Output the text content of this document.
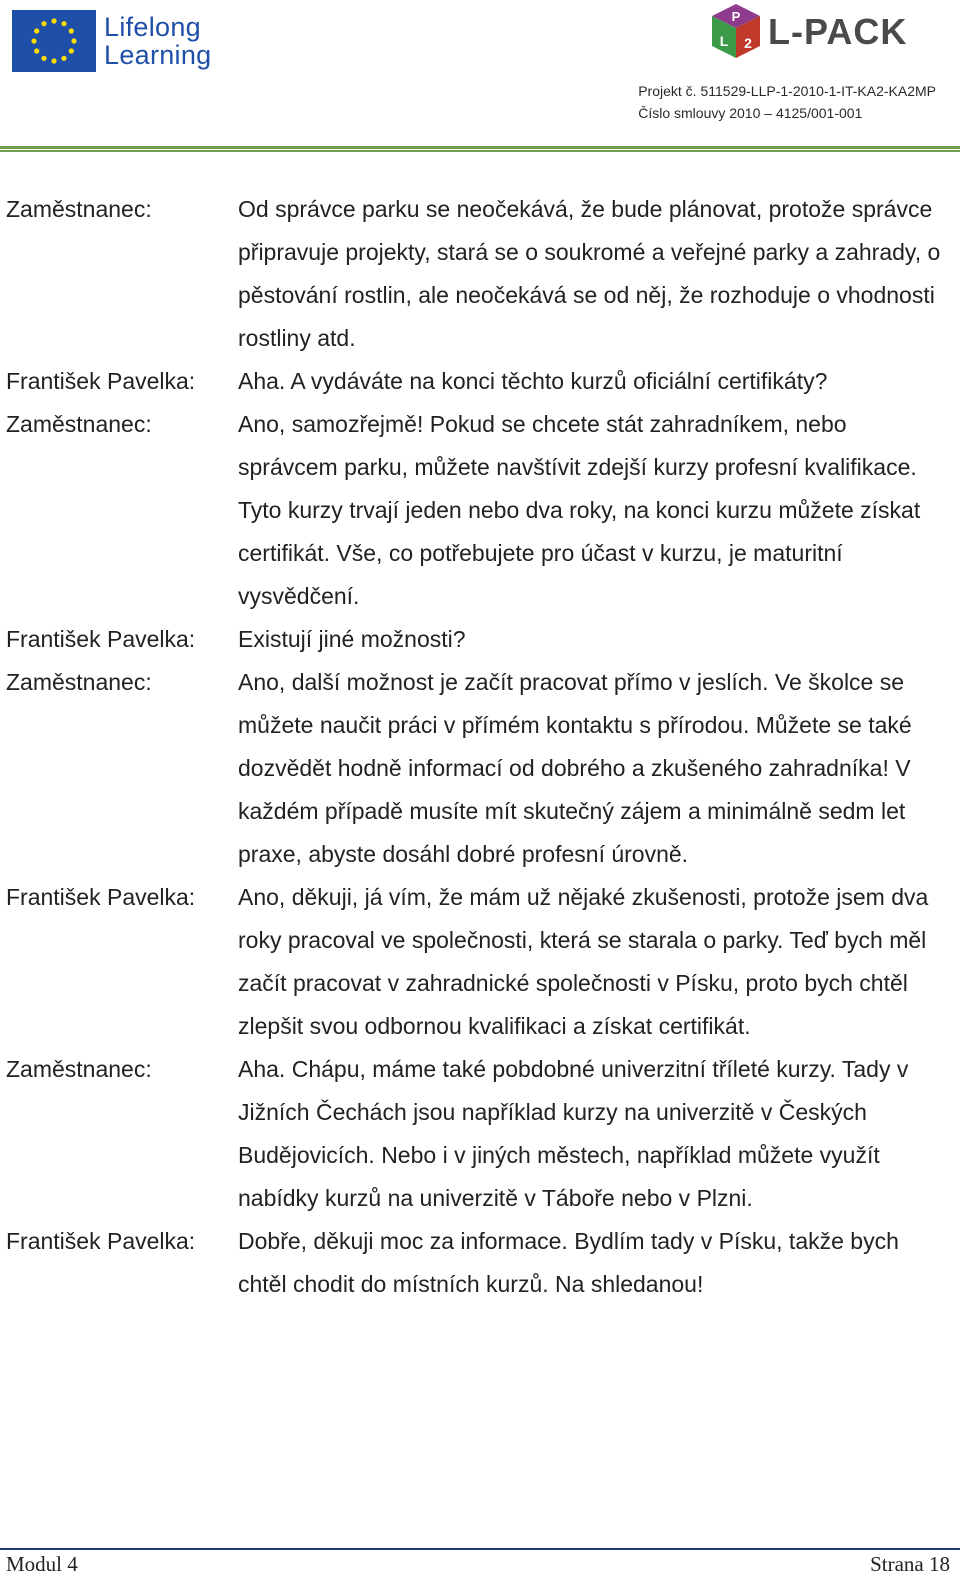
Lifelong
Learning
P
L 2 L-PACK
Projekt č. 511529-LLP-1-2010-1-IT-KA2-KA2MP
Číslo smlouvy 2010 – 4125/001-001
Zaměstnanec:	Od správce parku se neočekává, že bude plánovat, protože správce připravuje projekty, stará se o soukromé a veřejné parky a zahrady, o pěstování rostlin, ale neočekává se od něj, že rozhoduje o vhodnosti rostliny atd.
František Pavelka:	Aha. A vydáváte na konci těchto kurzů oficiální certifikáty?
Zaměstnanec:	Ano, samozřejmě! Pokud se chcete stát zahradníkem, nebo správcem parku, můžete navštívit zdejší kurzy profesní kvalifikace. Tyto kurzy trvají jeden nebo dva roky, na konci kurzu můžete získat certifikát. Vše, co potřebujete pro účast v kurzu, je maturitní vysvědčení.
František Pavelka:	Existují jiné možnosti?
Zaměstnanec:	Ano, další možnost je začít pracovat přímo v jeslích. Ve školce se můžete naučit práci v přímém kontaktu s přírodou. Můžete se také dozvědět hodně informací od dobrého a zkušeného zahradníka! V každém případě musíte mít skutečný zájem a minimálně sedm let praxe, abyste dosáhl dobré profesní úrovně.
František Pavelka:	Ano, děkuji, já vím, že mám už nějaké zkušenosti, protože jsem dva roky pracoval ve společnosti, která se starala o parky. Teď bych měl začít pracovat v zahradnické společnosti v Písku, proto bych chtěl zlepšit svou odbornou kvalifikaci a získat certifikát.
Zaměstnanec:	Aha. Chápu, máme také pobdobné univerzitní tříleté kurzy. Tady v Jižních Čechách jsou například kurzy na univerzitě v Českých Budějovicích. Nebo i v jiných městech, například můžete využít nabídky kurzů na univerzitě v Táboře nebo v Plzni.
František Pavelka:	Dobře, děkuji moc za informace. Bydlím tady v Písku, takže bych chtěl chodit do místních kurzů. Na shledanou!
Modul 4	Strana 18
